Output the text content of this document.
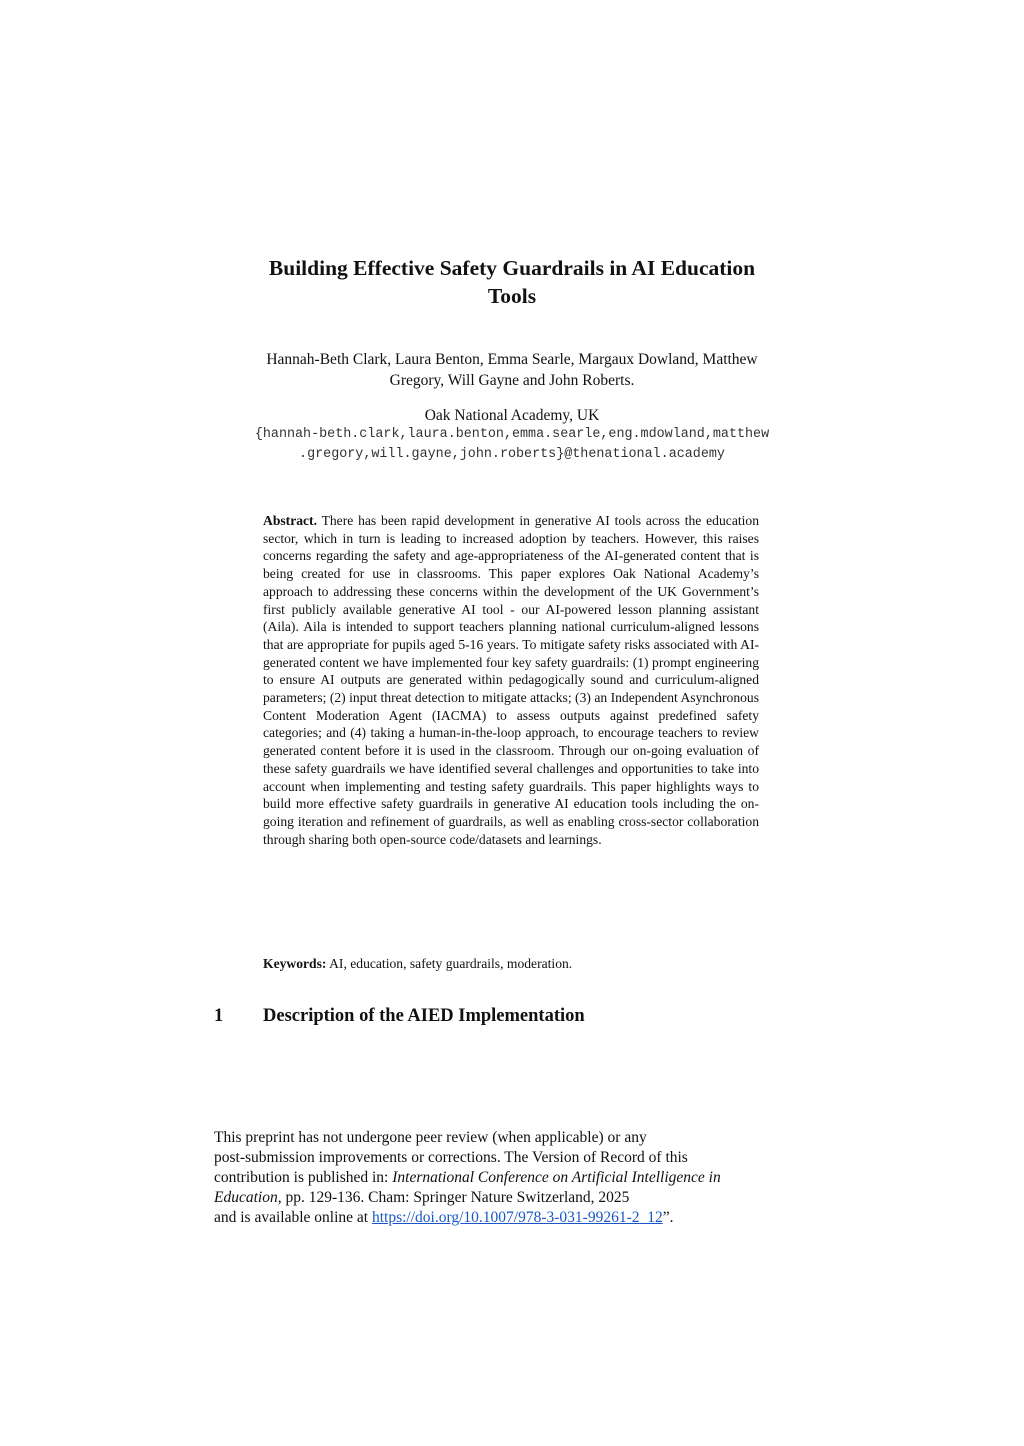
Building Effective Safety Guardrails in AI Education
Tools
Hannah-Beth Clark, Laura Benton, Emma Searle, Margaux Dowland, Matthew
Gregory, Will Gayne and John Roberts.
Oak National Academy, UK
{hannah-beth.clark,laura.benton,emma.searle,eng.mdowland,matthew
.gregory,will.gayne,john.roberts}@thenational.academy
Abstract. There has been rapid development in generative AI tools across the education sector, which in turn is leading to increased adoption by teachers. However, this raises concerns regarding the safety and age-appropriateness of the AI-generated content that is being created for use in classrooms. This paper explores Oak National Academy’s approach to addressing these concerns within the development of the UK Government’s first publicly available generative AI tool - our AI-powered lesson planning assistant (Aila). Aila is intended to support teachers planning national curriculum-aligned lessons that are appropriate for pupils aged 5-16 years. To mitigate safety risks associated with AI-generated content we have implemented four key safety guardrails: (1) prompt engineering to ensure AI outputs are generated within pedagogically sound and curriculum-aligned parameters; (2) input threat detection to mitigate attacks; (3) an Independent Asynchronous Content Moderation Agent (IACMA) to assess outputs against predefined safety categories; and (4) taking a human-in-the-loop approach, to encourage teachers to review generated content before it is used in the classroom. Through our on-going evaluation of these safety guardrails we have identified several challenges and opportunities to take into account when implementing and testing safety guardrails. This paper highlights ways to build more effective safety guardrails in generative AI education tools including the on-going iteration and refinement of guardrails, as well as enabling cross-sector collaboration through sharing both open-source code/datasets and learnings.
Keywords: AI, education, safety guardrails, moderation.
1 Description of the AIED Implementation
This preprint has not undergone peer review (when applicable) or any
post-submission improvements or corrections. The Version of Record of this
contribution is published in: International Conference on Artificial Intelligence in
Education, pp. 129-136. Cham: Springer Nature Switzerland, 2025
and is available online at https://doi.org/10.1007/978-3-031-99261-2_12”.
